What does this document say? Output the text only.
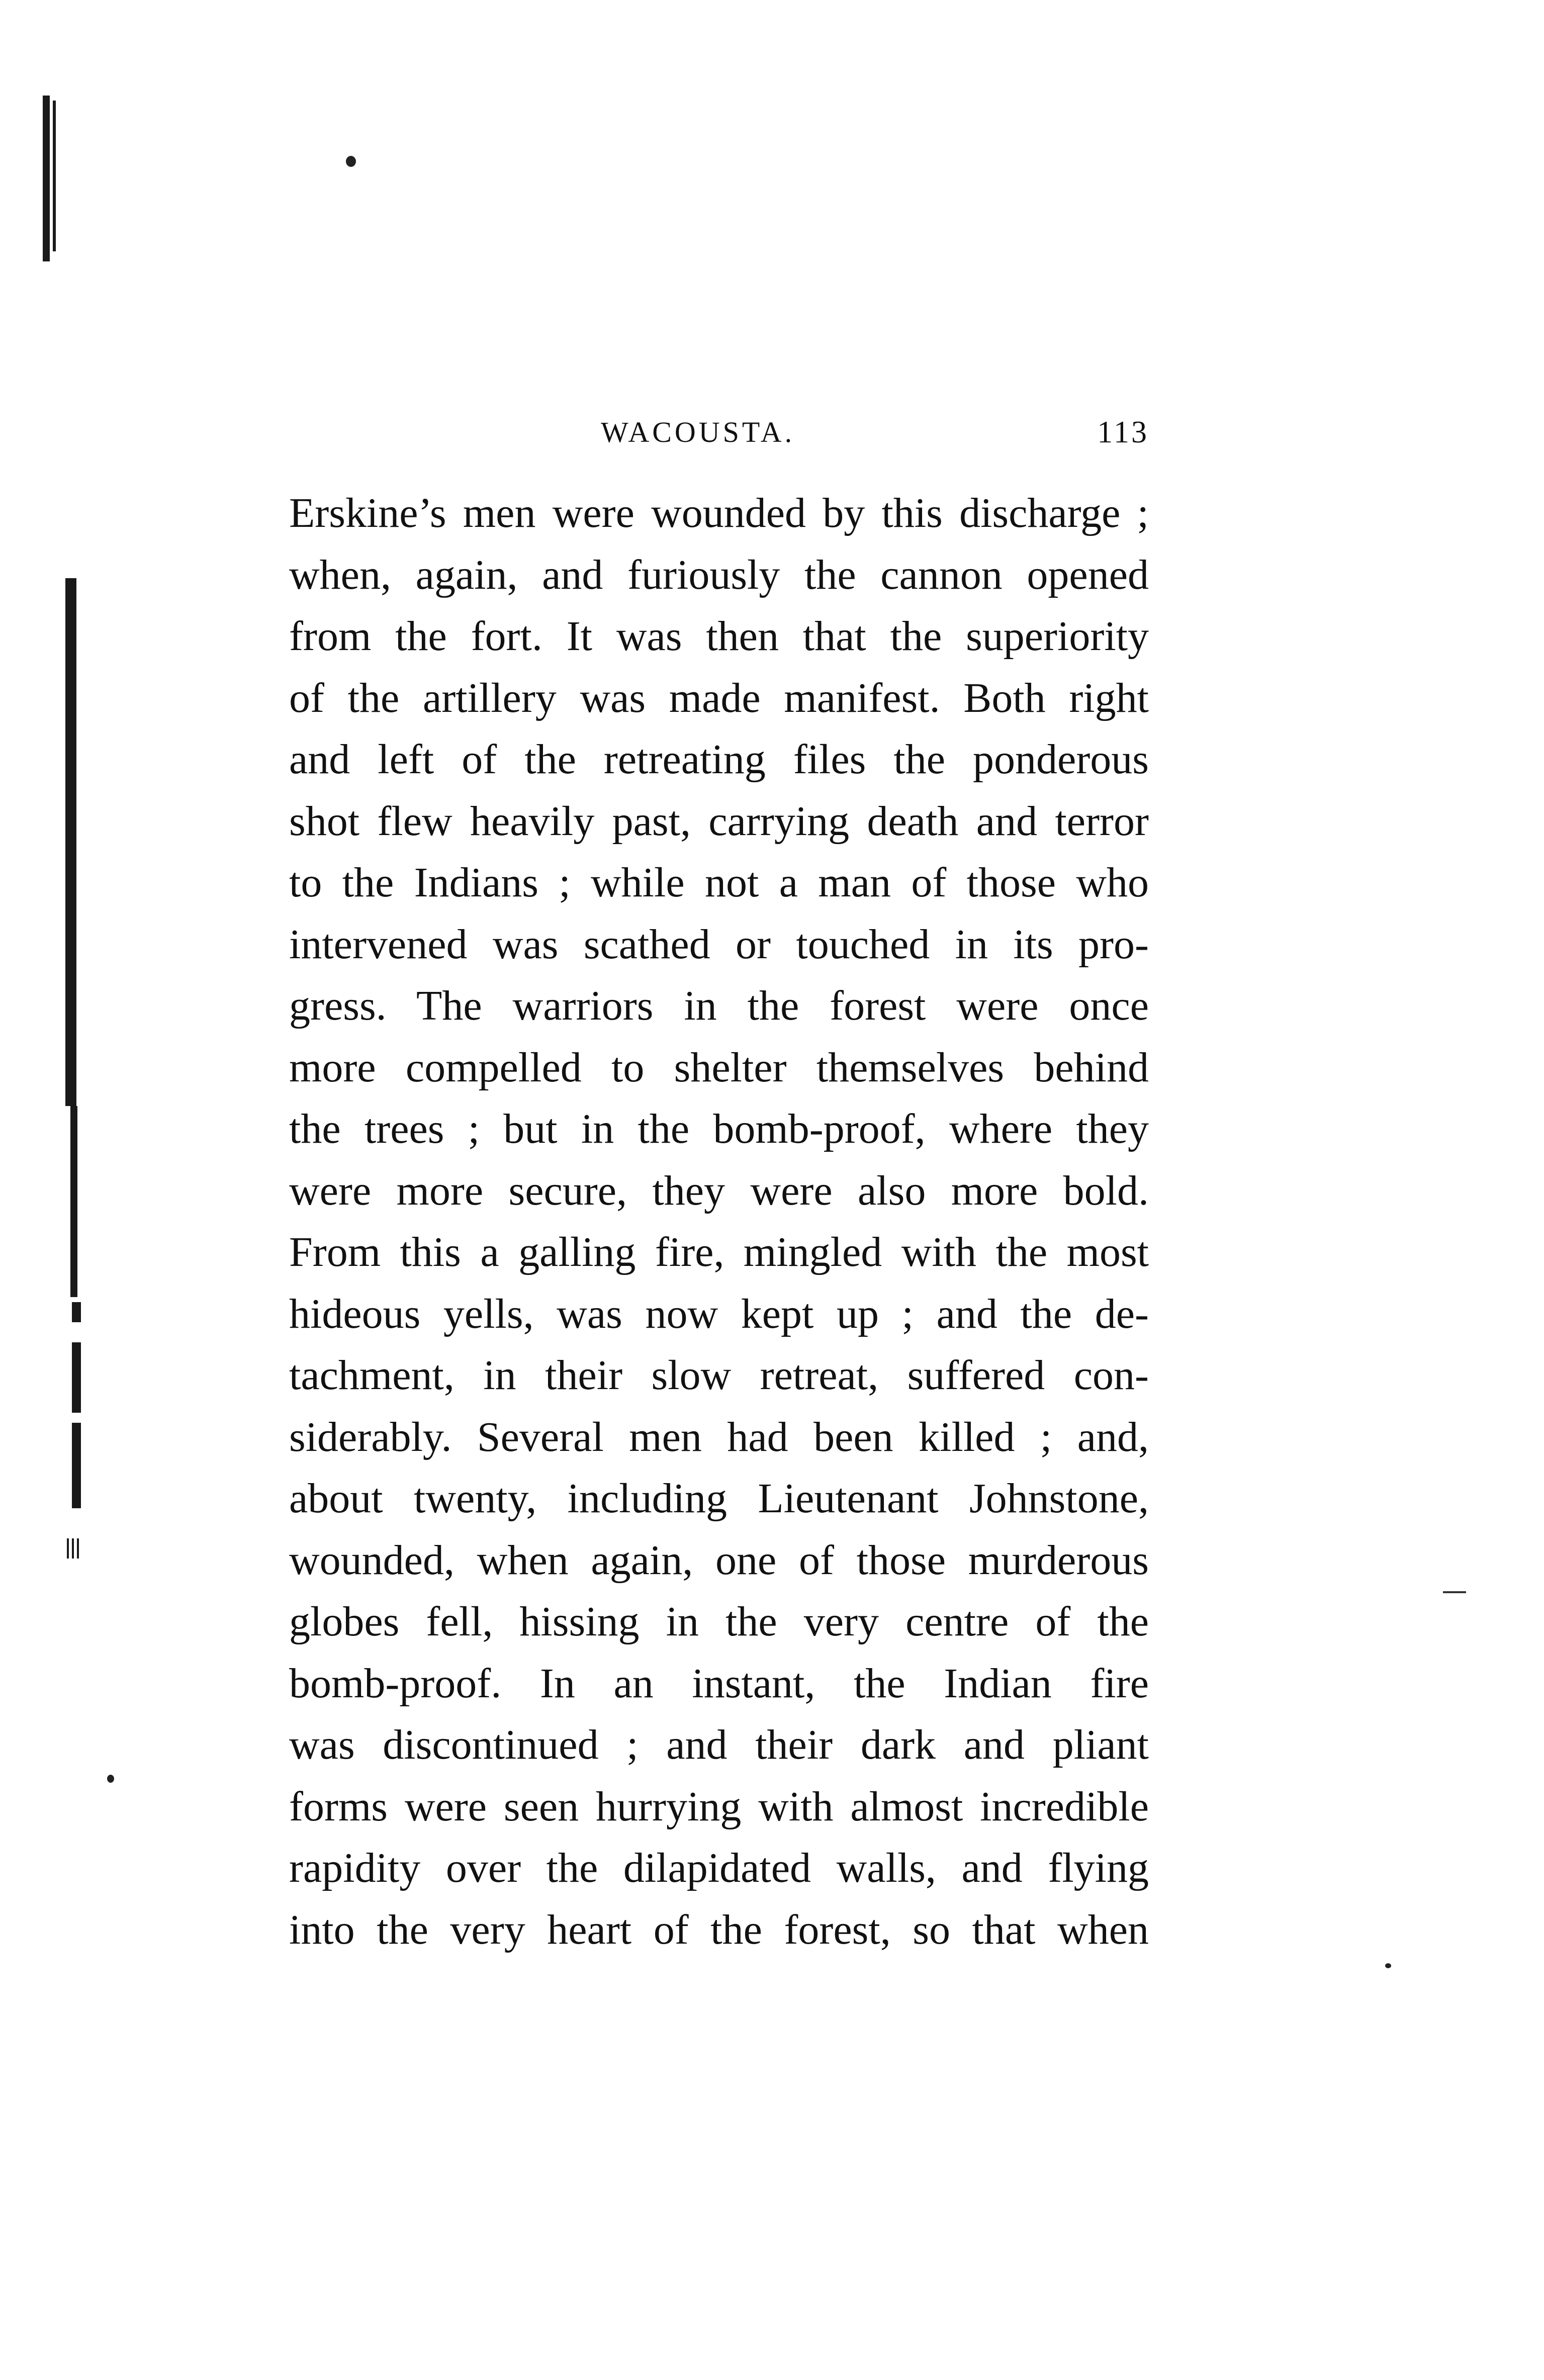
WACOUSTA.	113
Erskine’s men were wounded by this discharge ;
when, again, and furiously the cannon opened
from the fort. It was then that the superiority
of the artillery was made manifest. Both right
and left of the retreating files the ponderous
shot flew heavily past, carrying death and terror
to the Indians ; while not a man of those who
intervened was scathed or touched in its pro-
gress. The warriors in the forest were once
more compelled to shelter themselves behind
the trees ; but in the bomb-proof, where they
were more secure, they were also more bold.
From this a galling fire, mingled with the most
hideous yells, was now kept up ; and the de-
tachment, in their slow retreat, suffered con-
siderably. Several men had been killed ; and,
about twenty, including Lieutenant Johnstone,
wounded, when again, one of those murderous
globes fell, hissing in the very centre of the
bomb-proof. In an instant, the Indian fire
was discontinued ; and their dark and pliant
forms were seen hurrying with almost incredible
rapidity over the dilapidated walls, and flying
into the very heart of the forest, so that when
